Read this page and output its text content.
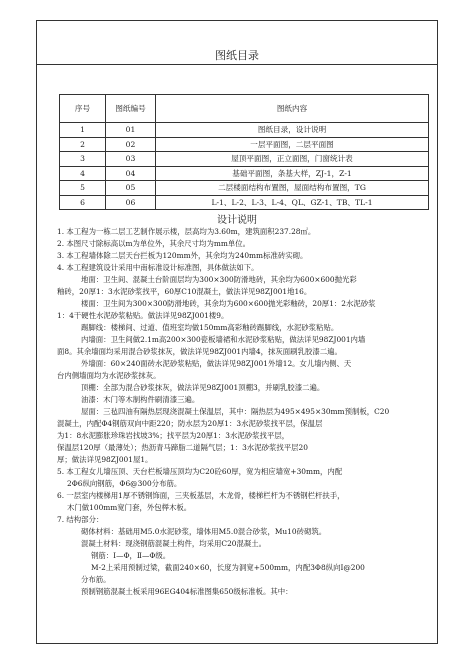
图纸目录
序号	图纸编号	图纸内容
1	01	图纸目录，设计说明
2	02	一层平面图，二层平面图
3	03	屋顶平面图，正立面图，门窗统计表
4	04	基础平面图，条基大样，ZJ-1，Z-1
5	05	二层楼面结构布置图，屋面结构布置图，TG
6	06	L-1、L-2、L-3、L-4、QL、GZ-1、TB、TL-1
设计说明

1. 本工程为一栋二层工艺制作展示楼，层高均为3.60m，建筑面积237.28㎡。

2. 本图尺寸除标高以m为单位外，其余尺寸均为mm单位。

3. 本工程墙体除二层天台拦板为120mm外，其余均为240mm标准砖实砌。

4. 本工程建筑设计采用中南标准设计标准图，具体做法如下。

地面：卫生间、混凝土台阶面层均为300×300防滑地砖，其余均为600×600抛光彩

釉砖，20厚1：3水泥砂浆找平，60厚C10混凝土，做法详见98ZJ001地16。

楼面：卫生间为300×300防滑地砖，其余均为600×600抛光彩釉砖，20厚1：2水泥砂浆

1：4干硬性水泥砂浆粘贴。做法详见98ZJ001楼9。

踢脚线：楼梯间、过道、值班室均做150mm高彩釉砖踢脚线，水泥砂浆粘贴。

内墙面：卫生间做2.1m高200×300瓷板墙裙和水泥砂浆粘贴，做法详见98ZJ001内墙

面8。其余墙面均采用混合砂浆抹灰，做法详见98ZJ001内墙4，抹灰面刷乳胶漆二遍。

外墙面：60×240面砖水泥砂浆粘贴，做法详见98ZJ001外墙12。女儿墙内侧、天

台内侧墙面均为水泥砂浆抹灰。

顶棚：全部为混合砂浆抹灰，做法详见98ZJ001顶棚3，并刷乳胶漆二遍。

油漆：木门等木制构件刷清漆三遍。

屋面：三毡四油有隔热层现浇混凝土保温层，其中：隔热层为495×495×30mm预制板，C20

混凝土，内配Φ4钢筋双向中距220；防水层为20厚1：3水泥砂浆找平层，保温层

为1：8水泥膨胀珍珠岩找坡3%；找平层为20厚1：3水泥砂浆找平层，

保温层120厚（最薄处）；热沥青马蹄脂二道隔气层；1：3水泥砂浆找平层20

厚；做法详见98ZJ001屋1。

5. 本工程女儿墙压顶、天台栏板墙压顶均为C20砼60厚，宽为相应墙宽+30mm，内配

2Φ6纵向钢筋，Φ6@300分布筋。

6. 一层室内楼梯用1厚不锈钢饰面，三夹板基层，木龙骨，楼梯栏杆为不锈钢栏杆扶手，

木门做100mm宽门套，外包榉木板。

7. 结构部分：

砌体材料：基础用M5.0水泥砂浆，墙体用M5.0混合砂浆，Mu10砖砌筑。

混凝土材料：现浇钢筋混凝土构件，均采用C20混凝土。

钢筋：Ⅰ—Φ，Ⅱ—Φ级。

M-2上采用预制过梁，截面240×60，长度为洞宽+500mm，内配3Φ8纵向Ⅰ@200

分布筋。

预制钢筋混凝土板采用96EG404标准图集650级标准板。其中：
